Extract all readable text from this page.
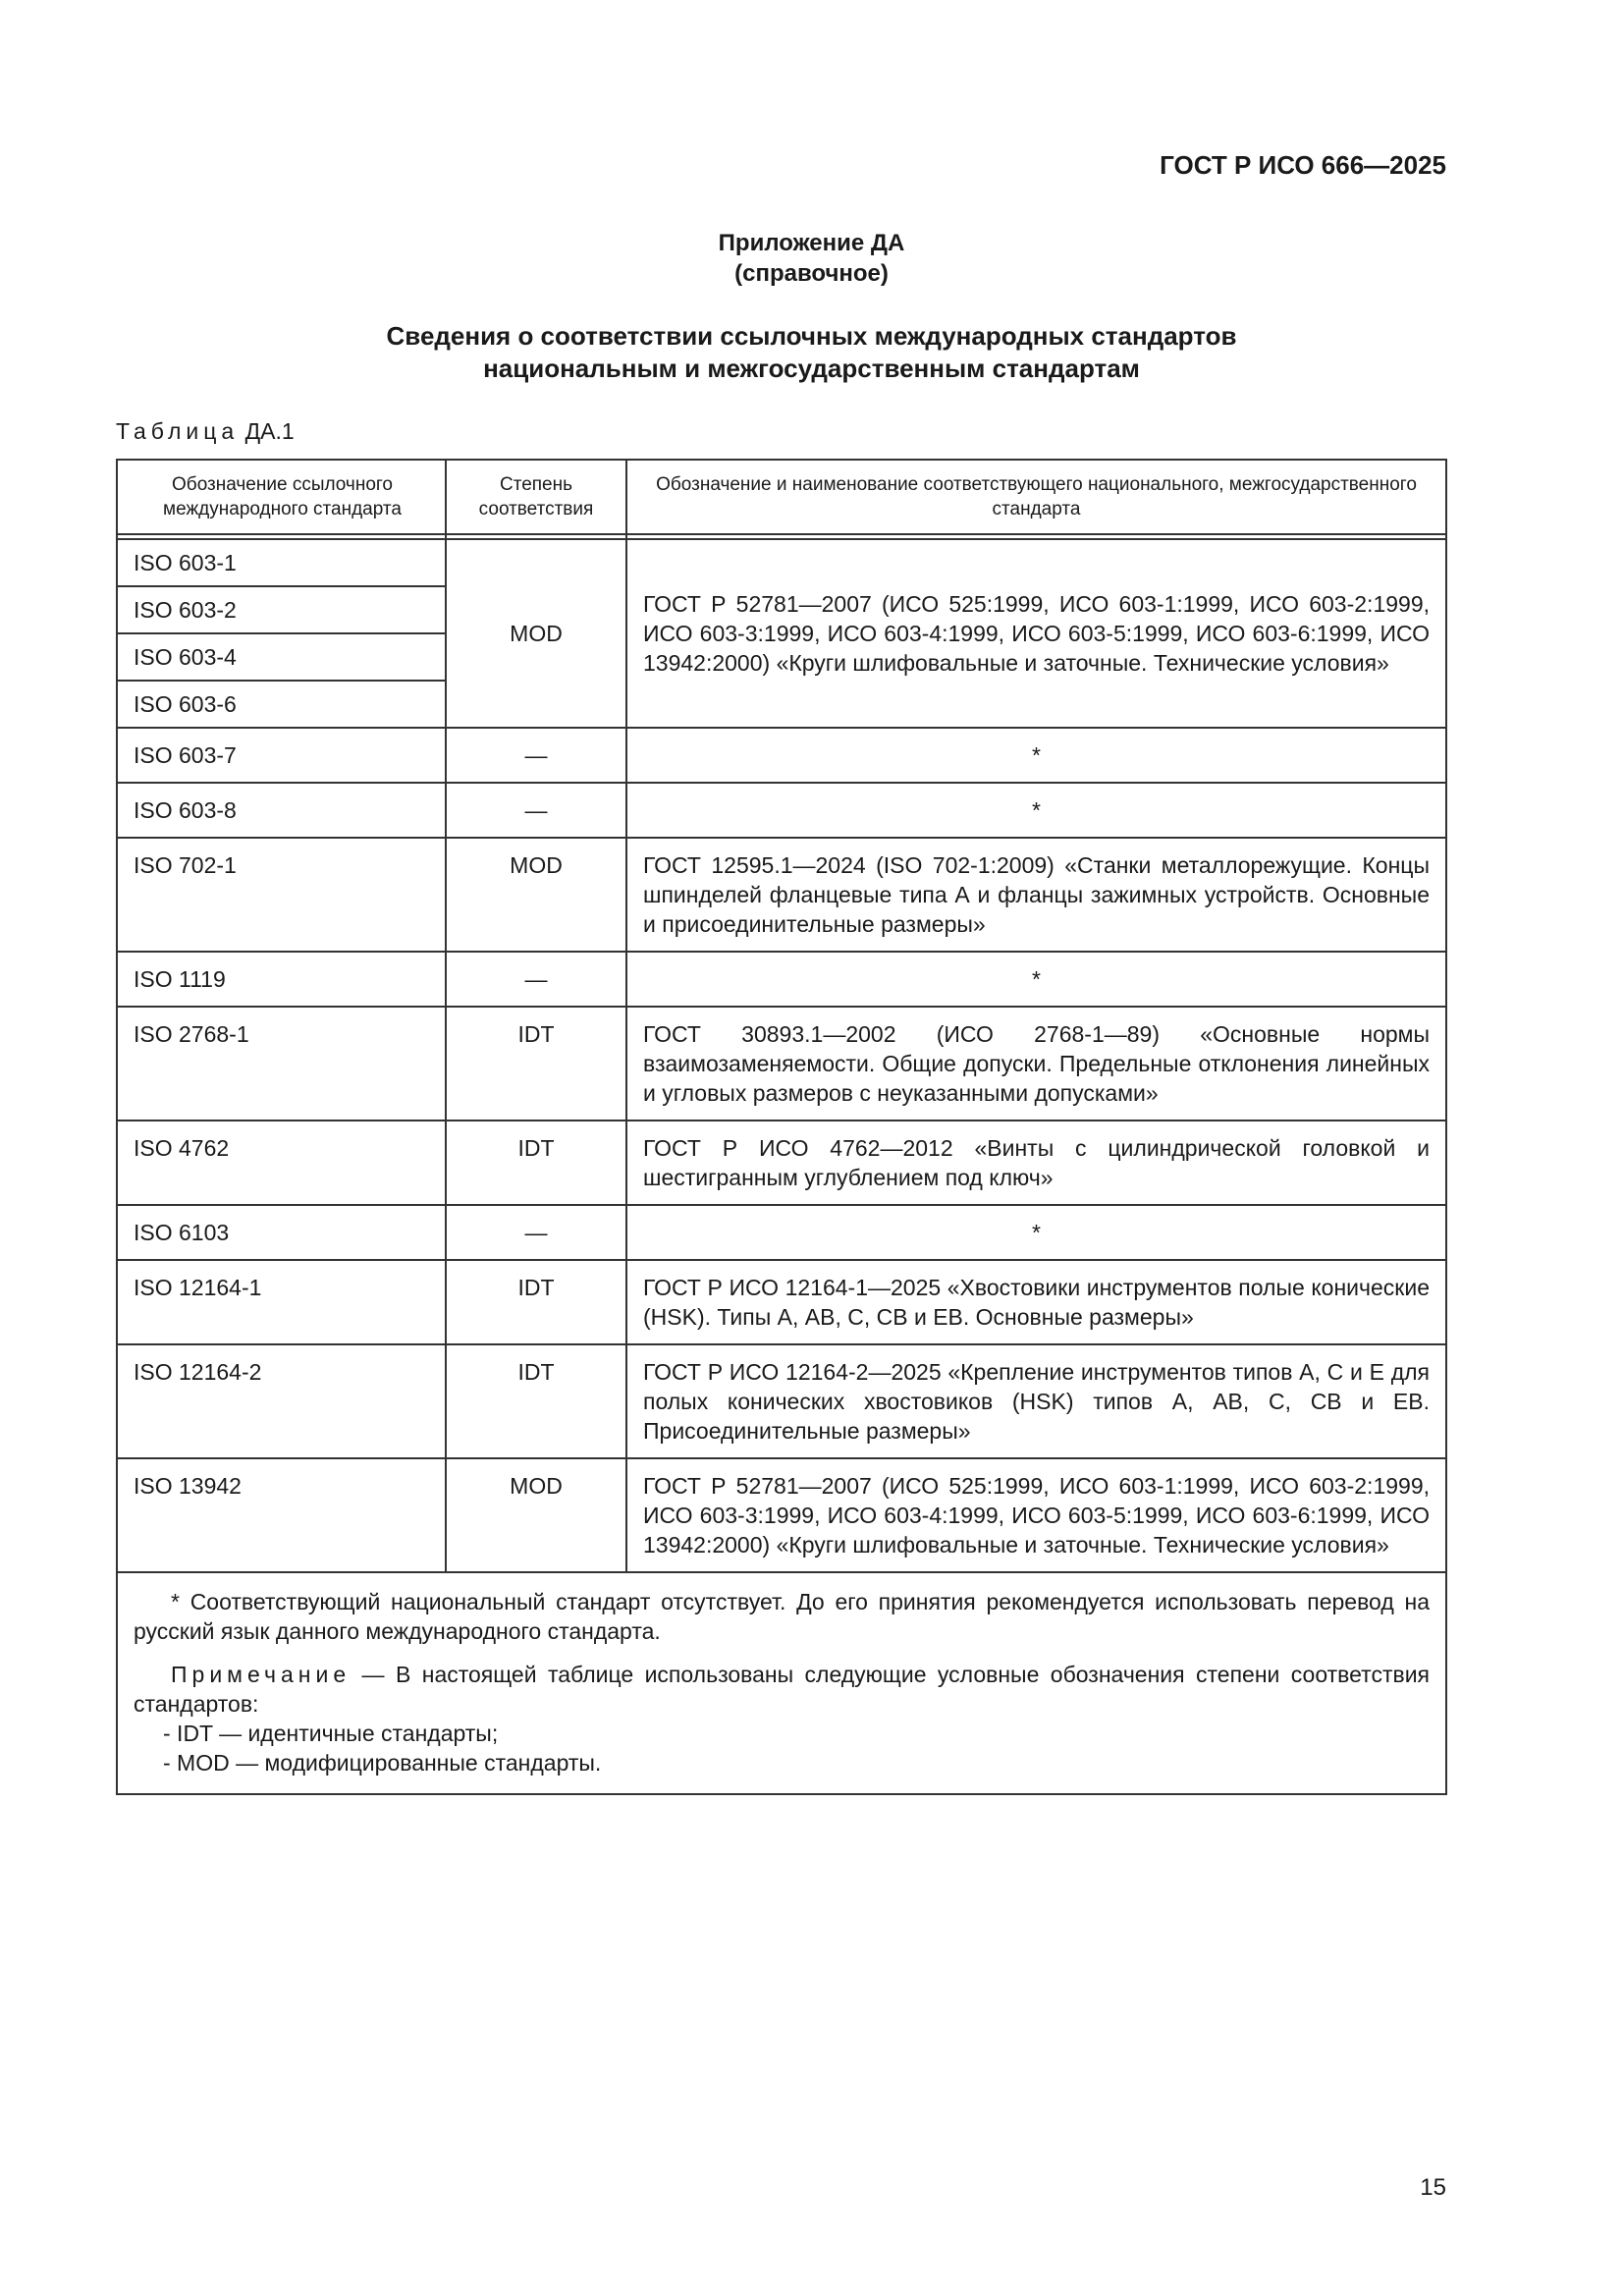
ГОСТ Р ИСО 666—2025
Приложение ДА
(справочное)
Сведения о соответствии ссылочных международных стандартов
национальным и межгосударственным стандартам
Таблица ДА.1
Обозначение ссылочного международного стандарта	Степень соответствия	Обозначение и наименование соответствующего национального, межгосударственного стандарта

ISO 603-1	MOD	ГОСТ Р 52781—2007 (ИСО 525:1999, ИСО 603-1:1999, ИСО 603-2:1999, ИСО 603-3:1999, ИСО 603-4:1999, ИСО 603-5:1999, ИСО 603-6:1999, ИСО 13942:2000) «Круги шлифовальные и заточные. Технические условия»
ISO 603-2		
ISO 603-4		
ISO 603-6		
ISO 603-7	—	*
ISO 603-8	—	*
ISO 702-1	MOD	ГОСТ 12595.1—2024 (ISO 702-1:2009) «Станки металлорежущие. Концы шпинделей фланцевые типа А и фланцы зажимных устройств. Основные и присоединительные размеры»
ISO 1119	—	*
ISO 2768-1	IDT	ГОСТ 30893.1—2002 (ИСО 2768-1—89) «Основные нормы взаимозаменяемости. Общие допуски. Предельные отклонения линейных и угловых размеров с неуказанными допусками»
ISO 4762	IDT	ГОСТ Р ИСО 4762—2012 «Винты с цилиндрической головкой и шестигранным углублением под ключ»
ISO 6103	—	*
ISO 12164-1	IDT	ГОСТ Р ИСО 12164-1—2025 «Хвостовики инструментов полые конические (HSK). Типы А, АВ, С, СВ и ЕВ. Основные размеры»
ISO 12164-2	IDT	ГОСТ Р ИСО 12164-2—2025 «Крепление инструментов типов А, С и Е для полых конических хвостовиков (HSK) типов А, АВ, С, СВ и ЕВ. Присоединительные размеры»
ISO 13942	MOD	ГОСТ Р 52781—2007 (ИСО 525:1999, ИСО 603-1:1999, ИСО 603-2:1999, ИСО 603-3:1999, ИСО 603-4:1999, ИСО 603-5:1999, ИСО 603-6:1999, ИСО 13942:2000) «Круги шлифовальные и заточные. Технические условия»

* Соответствующий национальный стандарт отсутствует. До его принятия рекомендуется использовать перевод на русский язык данного международного стандарта.

Примечание — В настоящей таблице использованы следующие условные обозначения степени соответствия стандартов:

- IDT — идентичные стандарты;

- MOD — модифицированные стандарты.		

15
